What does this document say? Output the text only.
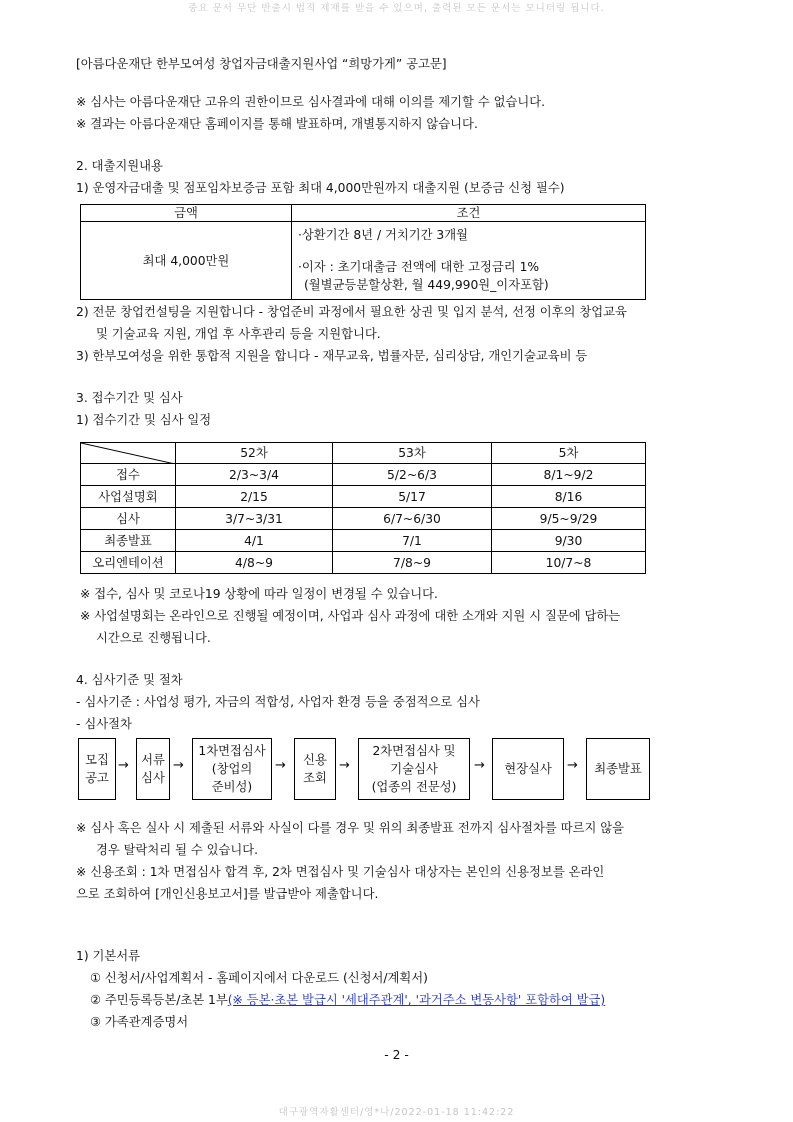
중요 문서 무단 반출시 법적 제재를 받을 수 있으며, 출력된 모든 문서는 모니터링 됩니다.
[아름다운재단 한부모여성 창업자금대출지원사업 “희망가게” 공고문]
※ 심사는 아름다운재단 고유의 권한이므로 심사결과에 대해 이의를 제기할 수 없습니다.
※ 결과는 아름다운재단 홈페이지를 통해 발표하며, 개별통지하지 않습니다.
2. 대출지원내용
1) 운영자금대출 및 점포임차보증금 포함 최대 4,000만원까지 대출지원 (보증금 신청 필수)
금액	조건
최대 4,000만원	·상환기간 8년 / 거치기간 3개월
·이자 : 초기대출금 전액에 대한 고정금리 1%
(월별균등분할상환, 월 449,990원_이자포함)
2) 전문 창업컨설팅을 지원합니다 - 창업준비 과정에서 필요한 상권 및 입지 분석, 선정 이후의 창업교육
및 기술교육 지원, 개업 후 사후관리 등을 지원합니다.
3) 한부모여성을 위한 통합적 지원을 합니다 - 재무교육, 법률자문, 심리상담, 개인기술교육비 등
3. 접수기간 및 심사
1) 접수기간 및 심사 일정
	52차	53차	5차
접수	2/3~3/4	5/2~6/3	8/1~9/2
사업설명회	2/15	5/17	8/16
심사	3/7~3/31	6/7~6/30	9/5~9/29
최종발표	4/1	7/1	9/30
오리엔테이션	4/8~9	7/8~9	10/7~8
※ 접수, 심사 및 코로나19 상황에 따라 일정이 변경될 수 있습니다.
※ 사업설명회는 온라인으로 진행될 예정이며, 사업과 심사 과정에 대한 소개와 지원 시 질문에 답하는
시간으로 진행됩니다.
4. 심사기준 및 절차
- 심사기준 : 사업성 평가, 자금의 적합성, 사업자 환경 등을 중점적으로 심사
- 심사절차
모집
공고
→ 서류
심사
→
1차면접심사
(창업의
준비성)
→ 신용
조회
→
2차면접심사 및
기술심사
(업종의 전문성)
→ 현장실사 → 최종발표
※ 심사 혹은 실사 시 제출된 서류와 사실이 다를 경우 및 위의 최종발표 전까지 심사절차를 따르지 않을
경우 탈락처리 될 수 있습니다.
※ 신용조회 : 1차 면접심사 합격 후, 2차 면접심사 및 기술심사 대상자는 본인의 신용정보를 온라인
으로 조회하여 [개인신용보고서]를 발급받아 제출합니다.
1) 기본서류
① 신청서/사업계획서 - 홈페이지에서 다운로드 (신청서/계획서)
② 주민등록등본/초본 1부(※ 등본·초본 발급시 '세대주관계', '과거주소 변동사항' 포함하여 발급)
③ 가족관계증명서
- 2 -
대구광역자활센터/영*나/2022-01-18 11:42:22
